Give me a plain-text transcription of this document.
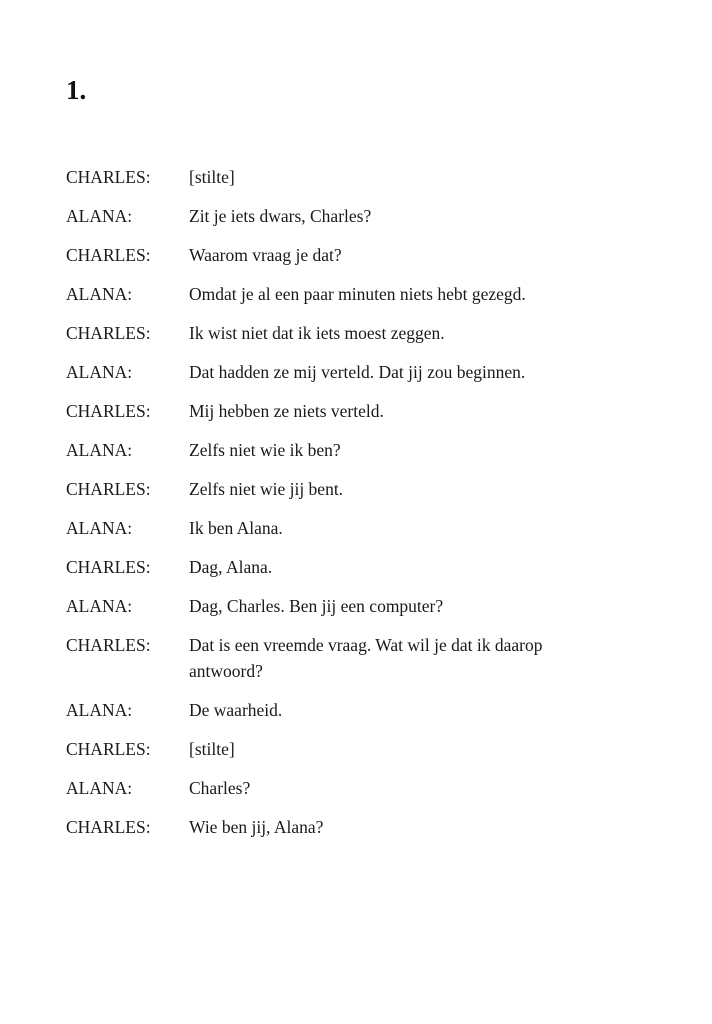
1.
CHARLES:	[stilte]
ALANA:	Zit je iets dwars, Charles?
CHARLES:	Waarom vraag je dat?
ALANA:	Omdat je al een paar minuten niets hebt gezegd.
CHARLES:	Ik wist niet dat ik iets moest zeggen.
ALANA:	Dat hadden ze mij verteld. Dat jij zou beginnen.
CHARLES:	Mij hebben ze niets verteld.
ALANA:	Zelfs niet wie ik ben?
CHARLES:	Zelfs niet wie jij bent.
ALANA:	Ik ben Alana.
CHARLES:	Dag, Alana.
ALANA:	Dag, Charles. Ben jij een computer?
CHARLES:	Dat is een vreemde vraag. Wat wil je dat ik daarop antwoord?
ALANA:	De waarheid.
CHARLES:	[stilte]
ALANA:	Charles?
CHARLES:	Wie ben jij, Alana?
